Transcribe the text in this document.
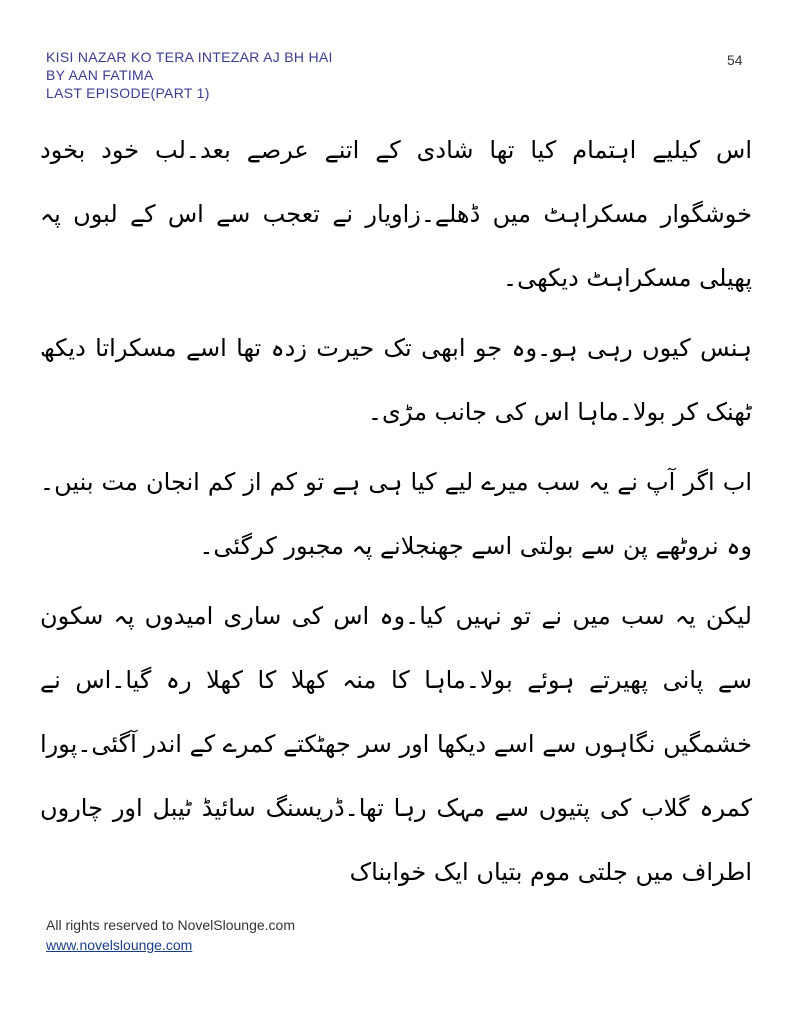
KISI NAZAR KO TERA INTEZAR AJ BH HAI
BY AAN FATIMA
LAST EPISODE(PART 1)
54

اس کیلیے اہتمام کیا تھا شادی کے اتنے عرصے بعد۔لب خود بخود خوشگوار مسکراہٹ میں ڈھلے۔زاویار نے تعجب سے اس کے لبوں پہ پھیلی مسکراہٹ دیکھی۔

ہنس کیوں رہی ہو۔وہ جو ابھی تک حیرت زدہ تھا اسے مسکراتا دیکھ ٹھنک کر بولا۔ماہا اس کی جانب مڑی۔

اب اگر آپ نے یہ سب میرے لیے کیا ہی ہے تو کم از کم انجان مت بنیں۔وہ نروٹھے پن سے بولتی اسے جھنجلانے پہ مجبور کرگئی۔

لیکن یہ سب میں نے تو نہیں کیا۔وہ اس کی ساری امیدوں پہ سکون سے پانی پھیرتے ہوئے بولا۔ماہا کا منہ کھلا کا کھلا رہ گیا۔اس نے خشمگیں نگاہوں سے اسے دیکھا اور سر جھٹکتے کمرے کے اندر آگئی۔پورا کمرہ گلاب کی پتیوں سے مہک رہا تھا۔ڈریسنگ سائیڈ ٹیبل اور چاروں اطراف میں جلتی موم بتیاں ایک خوابناک

All rights reserved to NovelSlounge.com
www.novelslounge.com
